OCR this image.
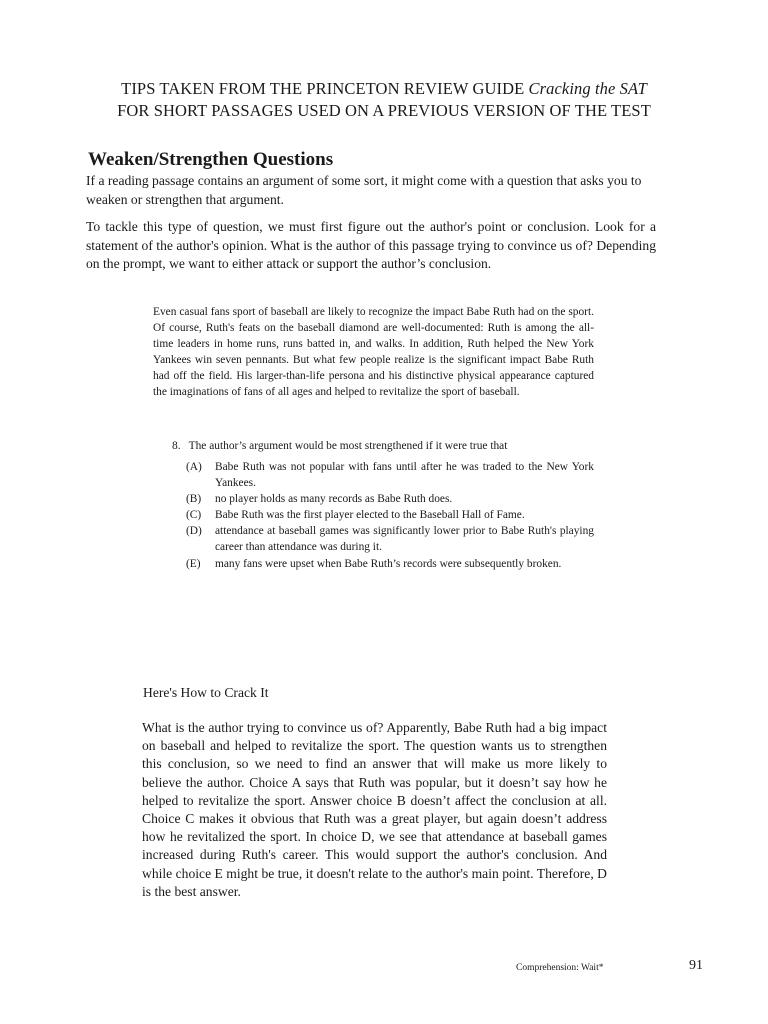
TIPS TAKEN FROM THE PRINCETON REVIEW GUIDE Cracking the SAT
FOR SHORT PASSAGES USED ON A PREVIOUS VERSION OF THE TEST
Weaken/Strengthen Questions
If a reading passage contains an argument of some sort, it might come with a question that asks you to weaken or strengthen that argument.
To tackle this type of question, we must first figure out the author's point or conclusion. Look for a statement of the author's opinion. What is the author of this passage trying to convince us of? Depending on the prompt, we want to either attack or support the author’s conclusion.
Even casual fans sport of baseball are likely to recognize the impact Babe Ruth had on the sport. Of course, Ruth's feats on the baseball diamond are well-documented: Ruth is among the all-time leaders in home runs, runs batted in, and walks. In addition, Ruth helped the New York Yankees win seven pennants. But what few people realize is the significant impact Babe Ruth had off the field. His larger-than-life persona and his distinctive physical appearance captured the imaginations of fans of all ages and helped to revitalize the sport of baseball.
8. The author’s argument would be most strengthened if it were true that
(A)	Babe Ruth was not popular with fans until after he was traded to the New York Yankees.
(B)	no player holds as many records as Babe Ruth does.
(C)	Babe Ruth was the first player elected to the Baseball Hall of Fame.
(D)	attendance at baseball games was significantly lower prior to Babe Ruth's playing career than attendance was during it.
(E)	many fans were upset when Babe Ruth’s records were subsequently broken.
Here's How to Crack It
What is the author trying to convince us of? Apparently, Babe Ruth had a big impact on baseball and helped to revitalize the sport. The question wants us to strengthen this conclusion, so we need to find an answer that will make us more likely to believe the author. Choice A says that Ruth was popular, but it doesn’t say how he helped to revitalize the sport. Answer choice B doesn’t affect the conclusion at all. Choice C makes it obvious that Ruth was a great player, but again doesn’t address how he revitalized the sport. In choice D, we see that attendance at baseball games increased during Ruth's career. This would support the author's conclusion. And while choice E might be true, it doesn't relate to the author's main point. Therefore, D is the best answer.
Comprehension: Wait*	91
